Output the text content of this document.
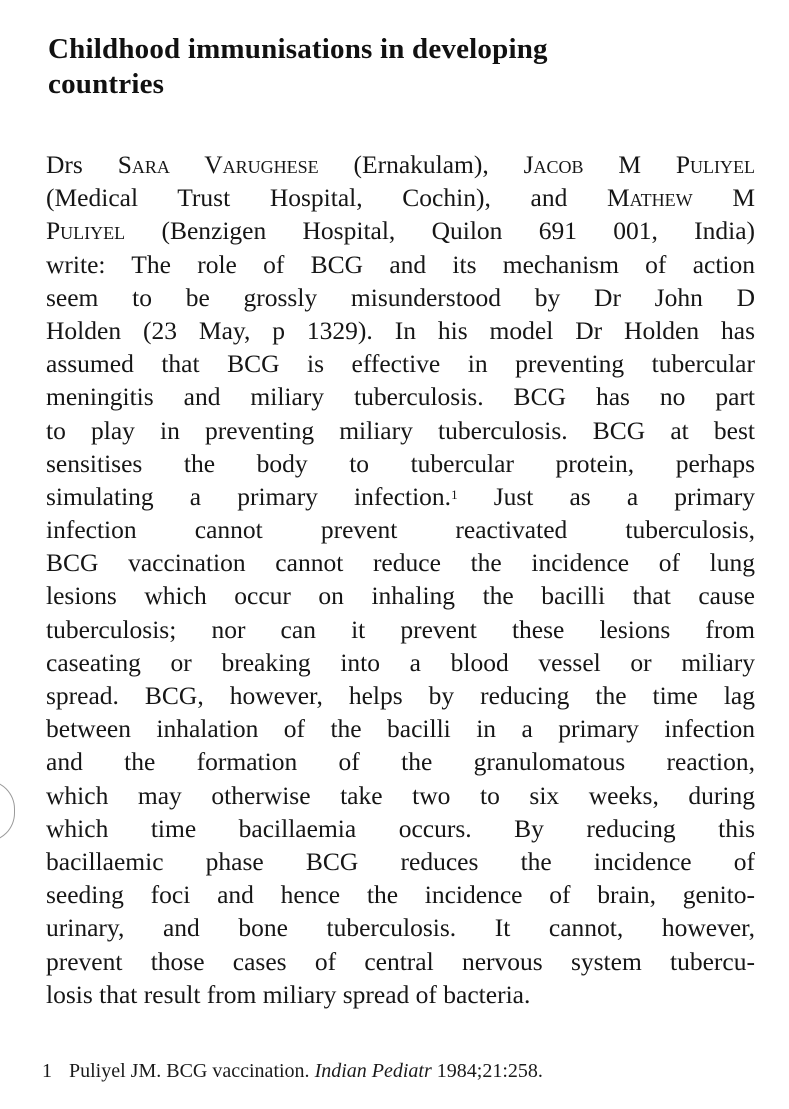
Childhood immunisations in developing
countries
Drs Sara Varughese (Ernakulam), Jacob M Puliyel
(Medical Trust Hospital, Cochin), and Mathew M
Puliyel (Benzigen Hospital, Quilon 691 001, India)
write: The role of BCG and its mechanism of action
seem to be grossly misunderstood by Dr John D
Holden (23 May, p 1329). In his model Dr Holden has
assumed that BCG is effective in preventing tubercular
meningitis and miliary tuberculosis. BCG has no part
to play in preventing miliary tuberculosis. BCG at best
sensitises the body to tubercular protein, perhaps
simulating a primary infection.$^1$ Just as a primary
infection cannot prevent reactivated tuberculosis,
BCG vaccination cannot reduce the incidence of lung
lesions which occur on inhaling the bacilli that cause
tuberculosis; nor can it prevent these lesions from
caseating or breaking into a blood vessel or miliary
spread. BCG, however, helps by reducing the time lag
between inhalation of the bacilli in a primary infection
and the formation of the granulomatous reaction,
which may otherwise take two to six weeks, during
which time bacillaemia occurs. By reducing this
bacillaemic phase BCG reduces the incidence of
seeding foci and hence the incidence of brain, genito-
urinary, and bone tuberculosis. It cannot, however,
prevent those cases of central nervous system tubercu-
losis that result from miliary spread of bacteria.
1 Puliyel JM. BCG vaccination. Indian Pediatr 1984;21:258.
